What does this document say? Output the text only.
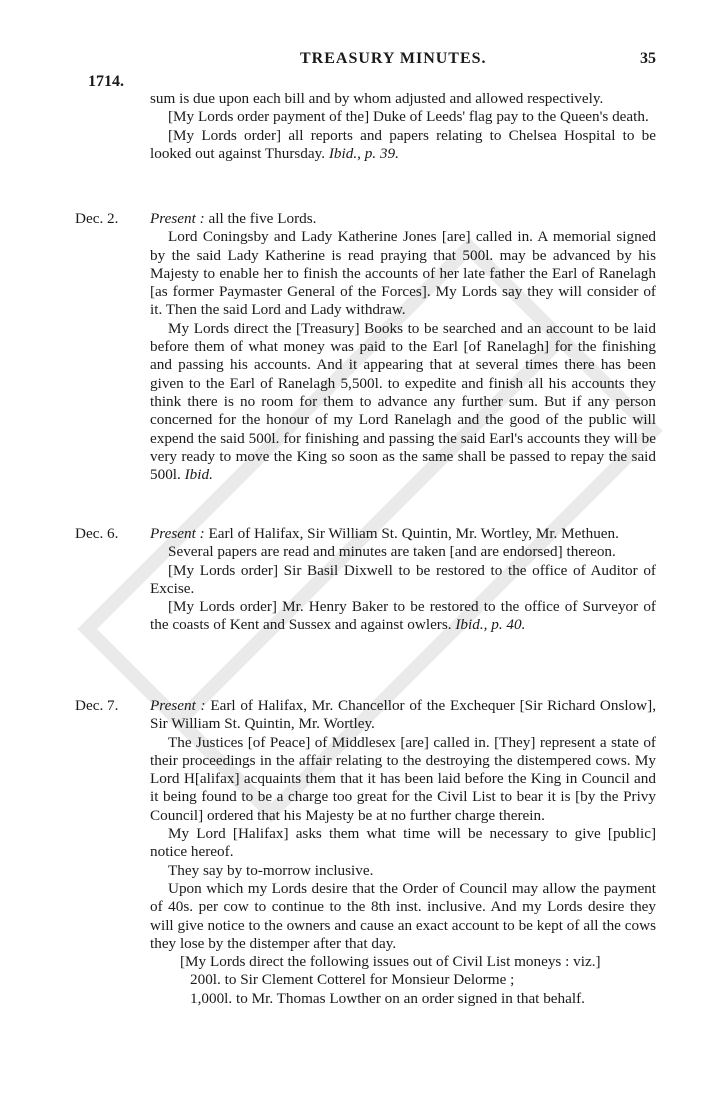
TREASURY MINUTES.	35
1714.

sum is due upon each bill and by whom adjusted and allowed respectively.

[My Lords order payment of the] Duke of Leeds' flag pay to the Queen's death.

[My Lords order] all reports and papers relating to Chelsea Hospital to be looked out against Thursday. Ibid., p. 39.

Dec. 2. Present : all the five Lords.

Lord Coningsby and Lady Katherine Jones [are] called in. A memorial signed by the said Lady Katherine is read praying that 500l. may be advanced by his Majesty to enable her to finish the accounts of her late father the Earl of Ranelagh [as former Paymaster General of the Forces]. My Lords say they will consider of it. Then the said Lord and Lady withdraw.

My Lords direct the [Treasury] Books to be searched and an account to be laid before them of what money was paid to the Earl [of Ranelagh] for the finishing and passing his accounts. And it appearing that at several times there has been given to the Earl of Ranelagh 5,500l. to expedite and finish all his accounts they think there is no room for them to advance any further sum. But if any person concerned for the honour of my Lord Ranelagh and the good of the public will expend the said 500l. for finishing and passing the said Earl's accounts they will be very ready to move the King so soon as the same shall be passed to repay the said 500l. Ibid.

Dec. 6. Present : Earl of Halifax, Sir William St. Quintin, Mr. Wortley, Mr. Methuen.

Several papers are read and minutes are taken [and are endorsed] thereon.

[My Lords order] Sir Basil Dixwell to be restored to the office of Auditor of Excise.

[My Lords order] Mr. Henry Baker to be restored to the office of Surveyor of the coasts of Kent and Sussex and against owlers. Ibid., p. 40.

Dec. 7. Present : Earl of Halifax, Mr. Chancellor of the Exchequer [Sir Richard Onslow], Sir William St. Quintin, Mr. Wortley.

The Justices [of Peace] of Middlesex [are] called in. [They] represent a state of their proceedings in the affair relating to the destroying the distempered cows. My Lord H[alifax] acquaints them that it has been laid before the King in Council and it being found to be a charge too great for the Civil List to bear it is [by the Privy Council] ordered that his Majesty be at no further charge therein.

My Lord [Halifax] asks them what time will be necessary to give [public] notice hereof.

They say by to-morrow inclusive.

Upon which my Lords desire that the Order of Council may allow the payment of 40s. per cow to continue to the 8th inst. inclusive. And my Lords desire they will give notice to the owners and cause an exact account to be kept of all the cows they lose by the distemper after that day.

[My Lords direct the following issues out of Civil List moneys : viz.]

200l. to Sir Clement Cotterel for Monsieur Delorme ;

1,000l. to Mr. Thomas Lowther on an order signed in that behalf.
